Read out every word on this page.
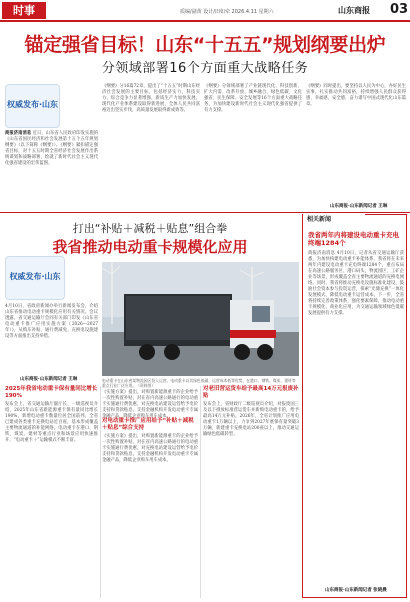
时事	质编/副黄 设计/田如牵 2026.4.11 星期六	山东商报 03
锚定强省目标！山东“十五五”规划纲要出炉
分领域部署16个方面重大战略任务
权威发布·山东
商报济南消息 近日，山东省人民政府印发实施的《山东省国民经济和社会发展第十五个五年规划纲要》（以下简称《纲要》）。《纲要》紧扣锚定强省目标，对十五五时期全省经济社会发展作出系统谋划和战略部署，绘就了新时代社会主义现代化强省建设的宏伟蓝图。
《纲要》分16篇72章，提出了“十五五”时期山东经济社会发展的主要目标，包括经济实力、科技实力、综合竞争力显著增强，新质生产力加快发展，现代化产业体系建设取得新进展，全体人民共同富裕迈出坚实步伐，高质量发展取得新成效等。
《纲要》分领域部署了产业链现代化、科技创新、扩大内需、改革开放、城乡融合、绿色低碳、文化强省、民生保障、安全发展等16个方面重大战略任务，为加快建设新时代社会主义现代化强省提供了有力支撑。
《纲要》同时提出，要坚持以人民为中心，办好民生实事，扎实推动共同富裕，持续增强人民群众获得感、幸福感、安全感，奋力谱写中国式现代化山东篇章。
山东商报·山东新闻记者 王琳
打出“补贴＋减税＋贴息”组合拳
我省推动电动重卡规模化应用
权威发布·山东
4月10日，省政府新闻办举行新闻发布会，介绍山东省推动电动重卡规模化应用有关情况。会议透露，省交通运输厅会同有关部门印发《山东省电动重卡推广应用实施方案（2026—2027年）》，从购车补贴、通行费减免、充换电设施建设等方面推出支持举措。
山东商报·山东新闻记者 王琳	电动重卡在山东省某物流园区投入运营。电动重卡以其绿色低碳、运营成本低等优势，在港口、钢铁、煤炭、建材等重点行业广泛应用。（资料图）
2025年我省电动重卡保有量同比增长190%
发布会上，省交通运输厅副厅长、一级巡视员介绍，2025年山东省新能源重卡保有量同比增长190%，新增电动重卡数量位居全国前列。全省已建成各类重卡充换电站近百座，基本形成覆盖主要物流通道的补能网络。电动重卡在港口、钢铁、煤炭、建材等重点行业和场景应用快速推开，“电动重卡＋”运输模式不断丰富。
《实施方案》提出，对购置新能源重卡的企业给予一次性购置补贴，对在省内高速公路通行的电动重卡实施通行费优惠，对充换电站建设运营给予电价支持和贷款贴息，支持金融机构开发电动重卡专属金融产品，降低企业购车用车成本。
对电动重卡推广应用给予“补贴＋减税＋贴息”综合支持
《实施方案》提出，对购置新能源重卡的企业给予一次性购置补贴，对在省内高速公路通行的电动重卡实施通行费优惠，对充换电站建设运营给予电价支持和贷款贴息，支持金融机构开发电动重卡专属金融产品，降低企业购车用车成本。
对老旧营运货车给予最高14万元报废补贴
发布会上，省财政厅二级巡视员介绍，对报废国三及以下排放标准营运货车并新购电动重卡的，给予最高14万元补贴。2026年，全省计划推广应用电动重卡1万辆以上，力争到2027年底保有量突破3万辆，新建重卡充换电站200座以上，推动交通运输绿色低碳转型。
相关新闻
我省两年内将建设电动重卡充电终端1284个
商报济南消息 4月10日，记者从省交通运输厅获悉，为加快构建电动重卡补能体系，我省将在未来两年内建设电动重卡充电终端1284个，重点布局在高速公路服务区、港口码头、物流园区、工矿企业等场景，形成覆盖全省主要物流通道的充换电网络。同时，我省将推动充换电设施标准化建设，鼓励社会资本参与投资运营，探索“光储充换”一体化发展模式，降低电动重卡运营成本。下一步，全省将持续完善政策体系，强化要素保障，推动电动重卡规模化、商业化应用，为交通运输领域绿色低碳发展提供有力支撑。
山东商报·山东新闻记者 张晓晨
